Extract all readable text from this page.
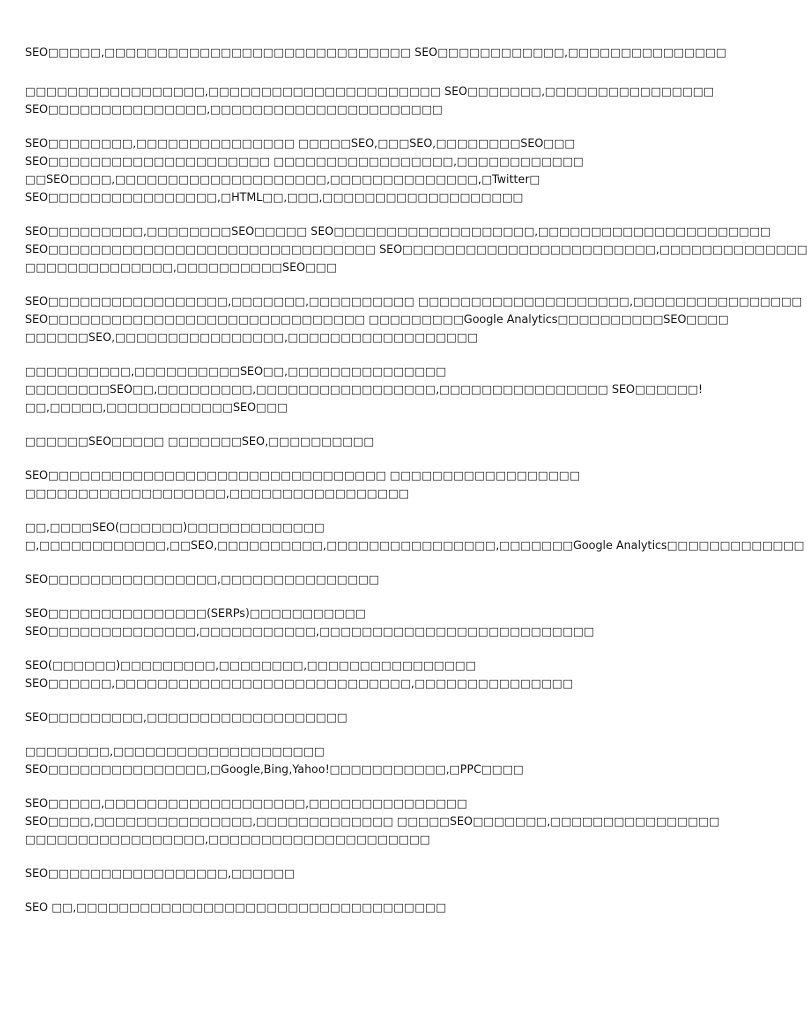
SEO□□□□□,□□□□□□□□□□□□□□□□□□□□□□□□□□□□□ SEO□□□□□□□□□□□□,□□□□□□□□□□□□□□□

□□□□□□□□□□□□□□□□□,□□□□□□□□□□□□□□□□□□□□□□ SEO□□□□□□□,□□□□□□□□□□□□□□□□
SEO□□□□□□□□□□□□□□□,□□□□□□□□□□□□□□□□□□□□□□

SEO□□□□□□□□,□□□□□□□□□□□□□□□ □□□□□SEO,□□□SEO,□□□□□□□□SEO□□□
SEO□□□□□□□□□□□□□□□□□□□□□ □□□□□□□□□□□□□□□□□,□□□□□□□□□□□□
□□SEO□□□□,□□□□□□□□□□□□□□□□□□□□,□□□□□□□□□□□□□□,□Twitter□
SEO□□□□□□□□□□□□□□□□,□HTML□□,□□□,□□□□□□□□□□□□□□□□□□□

SEO□□□□□□□□□,□□□□□□□□SEO□□□□□ SEO□□□□□□□□□□□□□□□□□□□,□□□□□□□□□□□□□□□□□□□□□□
SEO□□□□□□□□□□□□□□□□□□□□□□□□□□□□□□□ SEO□□□□□□□□□□□□□□□□□□□□□□□□,□□□□□□□□□□□□□□
□□□□□□□□□□□□□□,□□□□□□□□□□SEO□□□

SEO□□□□□□□□□□□□□□□□□,□□□□□□□,□□□□□□□□□□ □□□□□□□□□□□□□□□□□□□□,□□□□□□□□□□□□□□□□
SEO□□□□□□□□□□□□□□□□□□□□□□□□□□□□□□ □□□□□□□□□Google Analytics□□□□□□□□□□SEO□□□□
□□□□□□SEO,□□□□□□□□□□□□□□□□,□□□□□□□□□□□□□□□□□□

□□□□□□□□□□,□□□□□□□□□□SEO□□,□□□□□□□□□□□□□□□
□□□□□□□□SEO□□,□□□□□□□□□,□□□□□□□□□□□□□□□□□,□□□□□□□□□□□□□□□□ SEO□□□□□□!
□□,□□□□□,□□□□□□□□□□□□SEO□□□

□□□□□□SEO□□□□□ □□□□□□□SEO,□□□□□□□□□□

SEO□□□□□□□□□□□□□□□□□□□□□□□□□□□□□□□□ □□□□□□□□□□□□□□□□□□
□□□□□□□□□□□□□□□□□□□,□□□□□□□□□□□□□□□□□

□□,□□□□SEO(□□□□□□)□□□□□□□□□□□□□
□,□□□□□□□□□□□□,□□SEO,□□□□□□□□□□,□□□□□□□□□□□□□□□□,□□□□□□□Google Analytics□□□□□□□□□□□□□

SEO□□□□□□□□□□□□□□□□,□□□□□□□□□□□□□□□

SEO□□□□□□□□□□□□□□□(SERPs)□□□□□□□□□□□
SEO□□□□□□□□□□□□□□,□□□□□□□□□□□,□□□□□□□□□□□□□□□□□□□□□□□□□□

SEO(□□□□□□)□□□□□□□□□,□□□□□□□□,□□□□□□□□□□□□□□□□
SEO□□□□□□,□□□□□□□□□□□□□□□□□□□□□□□□□□□□,□□□□□□□□□□□□□□□

SEO□□□□□□□□□,□□□□□□□□□□□□□□□□□□□

□□□□□□□□,□□□□□□□□□□□□□□□□□□□□
SEO□□□□□□□□□□□□□□□,□Google,Bing,Yahoo!□□□□□□□□□□□,□PPC□□□□

SEO□□□□□,□□□□□□□□□□□□□□□□□□□,□□□□□□□□□□□□□□□
SEO□□□□,□□□□□□□□□□□□□□□,□□□□□□□□□□□□□ □□□□□SEO□□□□□□□,□□□□□□□□□□□□□□□□
□□□□□□□□□□□□□□□□□,□□□□□□□□□□□□□□□□□□□□□

SEO□□□□□□□□□□□□□□□□□,□□□□□□

SEO □□,□□□□□□□□□□□□□□□□□□□□□□□□□□□□□□□□□□□
